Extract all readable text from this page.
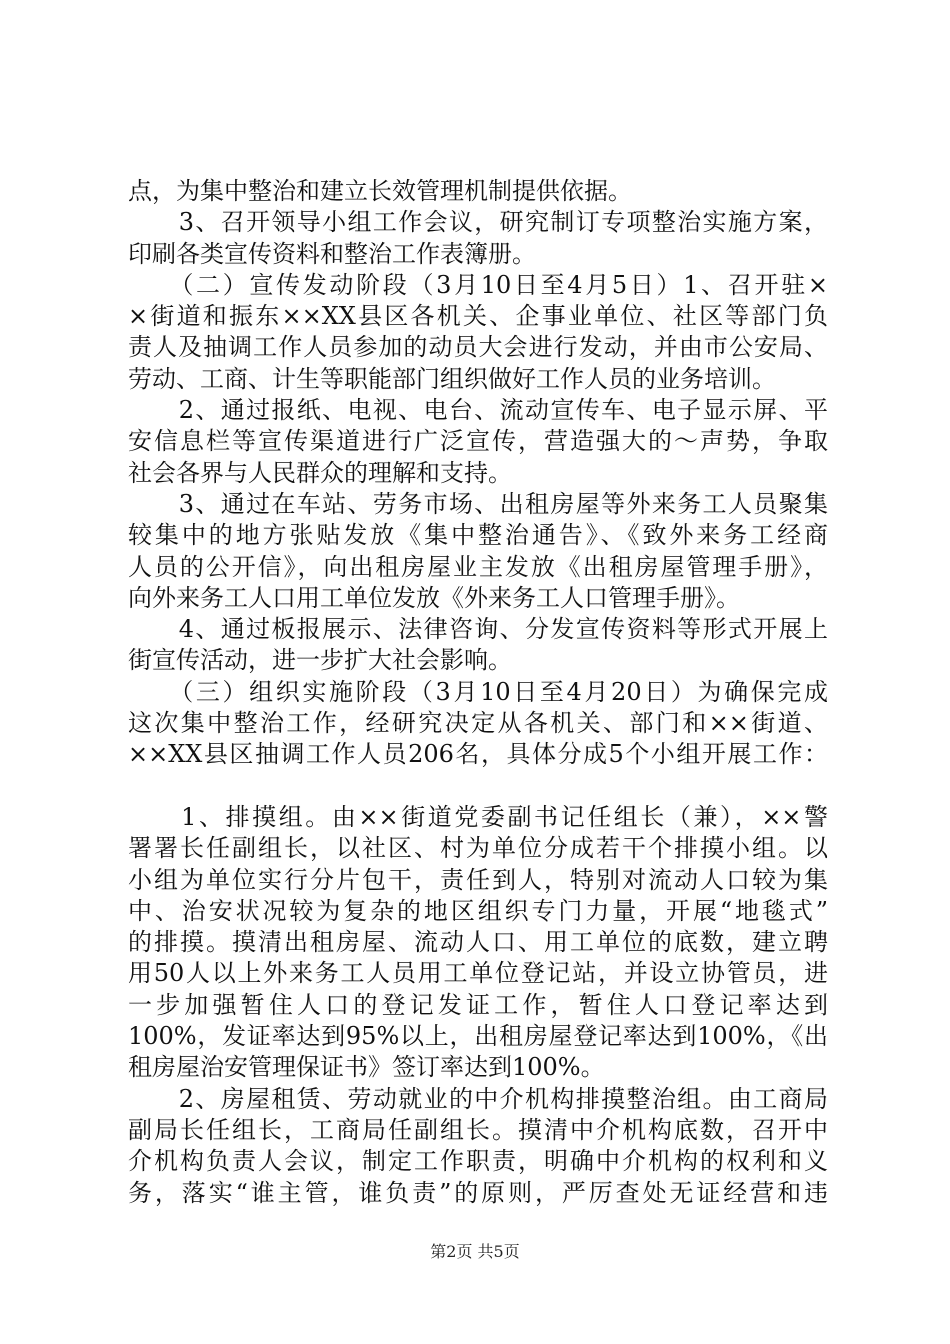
点，为集中整治和建立长效管理机制提供依据。
　　3、召开领导小组工作会议，研究制订专项整治实施方案，
印刷各类宣传资料和整治工作表簿册。
　　（二）宣传发动阶段（3月10日至4月5日）1、召开驻×
×街道和振东××XX县区各机关、企事业单位、社区等部门负
责人及抽调工作人员参加的动员大会进行发动，并由市公安局、
劳动、工商、计生等职能部门组织做好工作人员的业务培训。
　　2、通过报纸、电视、电台、流动宣传车、电子显示屏、平
安信息栏等宣传渠道进行广泛宣传，营造强大的～声势，争取
社会各界与人民群众的理解和支持。
　　3、通过在车站、劳务市场、出租房屋等外来务工人员聚集
较集中的地方张贴发放《集中整治通告》、《致外来务工经商
人员的公开信》，向出租房屋业主发放《出租房屋管理手册》，
向外来务工人口用工单位发放《外来务工人口管理手册》。
　　4、通过板报展示、法律咨询、分发宣传资料等形式开展上
街宣传活动，进一步扩大社会影响。
　　（三）组织实施阶段（3月10日至4月20日）为确保完成
这次集中整治工作，经研究决定从各机关、部门和××街道、
××XX县区抽调工作人员206名，具体分成5个小组开展工作：
　　1、排摸组。由××街道党委副书记任组长（兼），××警
署署长任副组长，以社区、村为单位分成若干个排摸小组。以
小组为单位实行分片包干，责任到人，特别对流动人口较为集
中、治安状况较为复杂的地区组织专门力量，开展“地毯式”
的排摸。摸清出租房屋、流动人口、用工单位的底数，建立聘
用50人以上外来务工人员用工单位登记站，并设立协管员，进
一步加强暂住人口的登记发证工作，暂住人口登记率达到
100%，发证率达到95%以上，出租房屋登记率达到100%，《出
租房屋治安管理保证书》签订率达到100%。
　　2、房屋租赁、劳动就业的中介机构排摸整治组。由工商局
副局长任组长，工商局任副组长。摸清中介机构底数，召开中
介机构负责人会议，制定工作职责，明确中介机构的权利和义
务，落实“谁主管，谁负责”的原则，严厉查处无证经营和违
第2页 共5页
